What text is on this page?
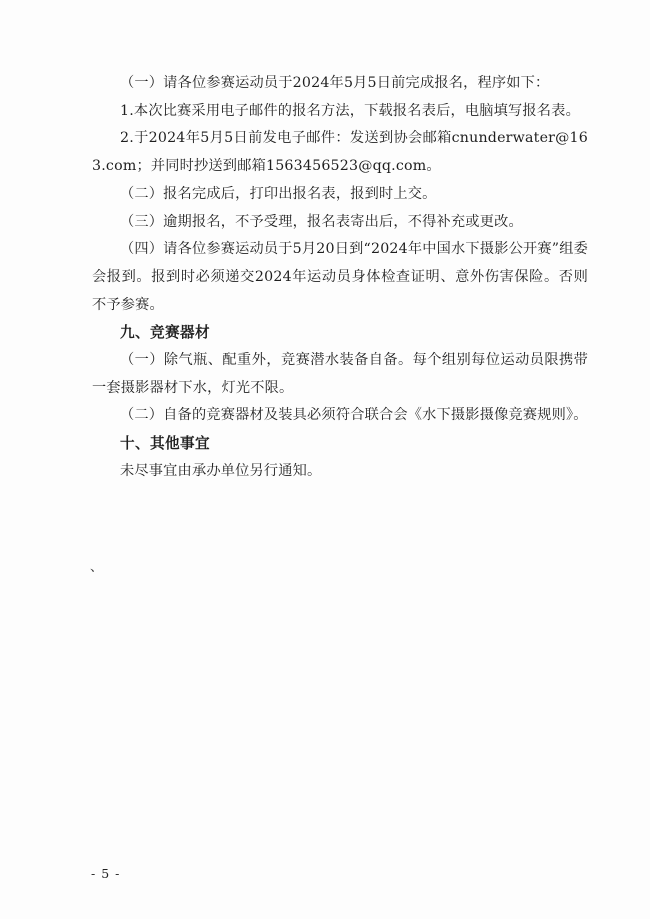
（一）请各位参赛运动员于2024年5月5日前完成报名，程序如下：

1.本次比赛采用电子邮件的报名方法，下载报名表后，电脑填写报名表。

2.于2024年5月5日前发电子邮件：发送到协会邮箱cnunderwater@163.com；并同时抄送到邮箱1563456523@qq.com。

（二）报名完成后，打印出报名表，报到时上交。

（三）逾期报名，不予受理，报名表寄出后，不得补充或更改。

（四）请各位参赛运动员于5月20日到“2024年中国水下摄影公开赛”组委会报到。报到时必须递交2024年运动员身体检查证明、意外伤害保险。否则不予参赛。

九、竞赛器材

（一）除气瓶、配重外，竞赛潜水装备自备。每个组别每位运动员限携带一套摄影器材下水，灯光不限。

（二）自备的竞赛器材及装具必须符合联合会《水下摄影摄像竞赛规则》。

十、其他事宜

未尽事宜由承办单位另行通知。

、
- 5 -
